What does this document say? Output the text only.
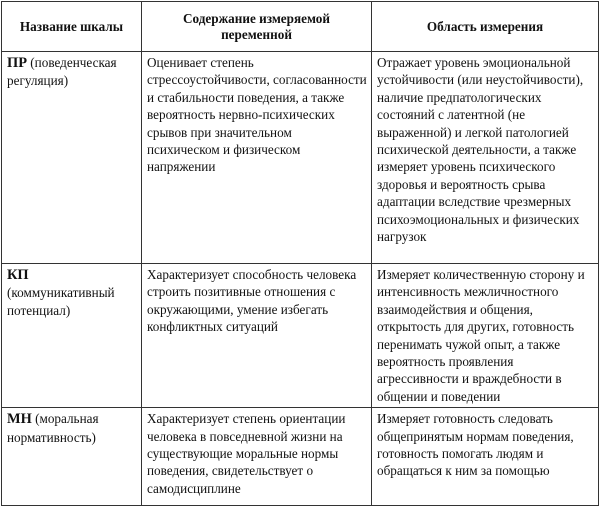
Название шкалы	Содержание измеряемой переменной	Область измерения
ПР (поведенческая регуляция)	Оценивает степень стрессоустойчивости, согласованности и стабильности поведения, а также вероятность нервно-психических срывов при значительном психическом и физическом напряжении	Отражает уровень эмоциональной устойчивости (или неустойчивости), наличие предпатологических состояний с латентной (не выраженной) и легкой патологией психической деятельности, а также измеряет уровень психического здоровья и вероятность срыва адаптации вследствие чрезмерных психоэмоциональных и физических нагрузок
КП (коммуникативный потенциал)	Характеризует способность человека строить позитивные отношения с окружающими, умение избегать конфликтных ситуаций	Измеряет количественную сторону и интенсивность межличностного взаимодействия и общения, открытость для других, готовность перенимать чужой опыт, а также вероятность проявления агрессивности и враждебности в общении и поведении
МН (моральная нормативность)	Характеризует степень ориентации человека в повседневной жизни на существующие моральные нормы поведения, свидетельствует о самодисциплине	Измеряет готовность следовать общепринятым нормам поведения, готовность помогать людям и обращаться к ним за помощью
